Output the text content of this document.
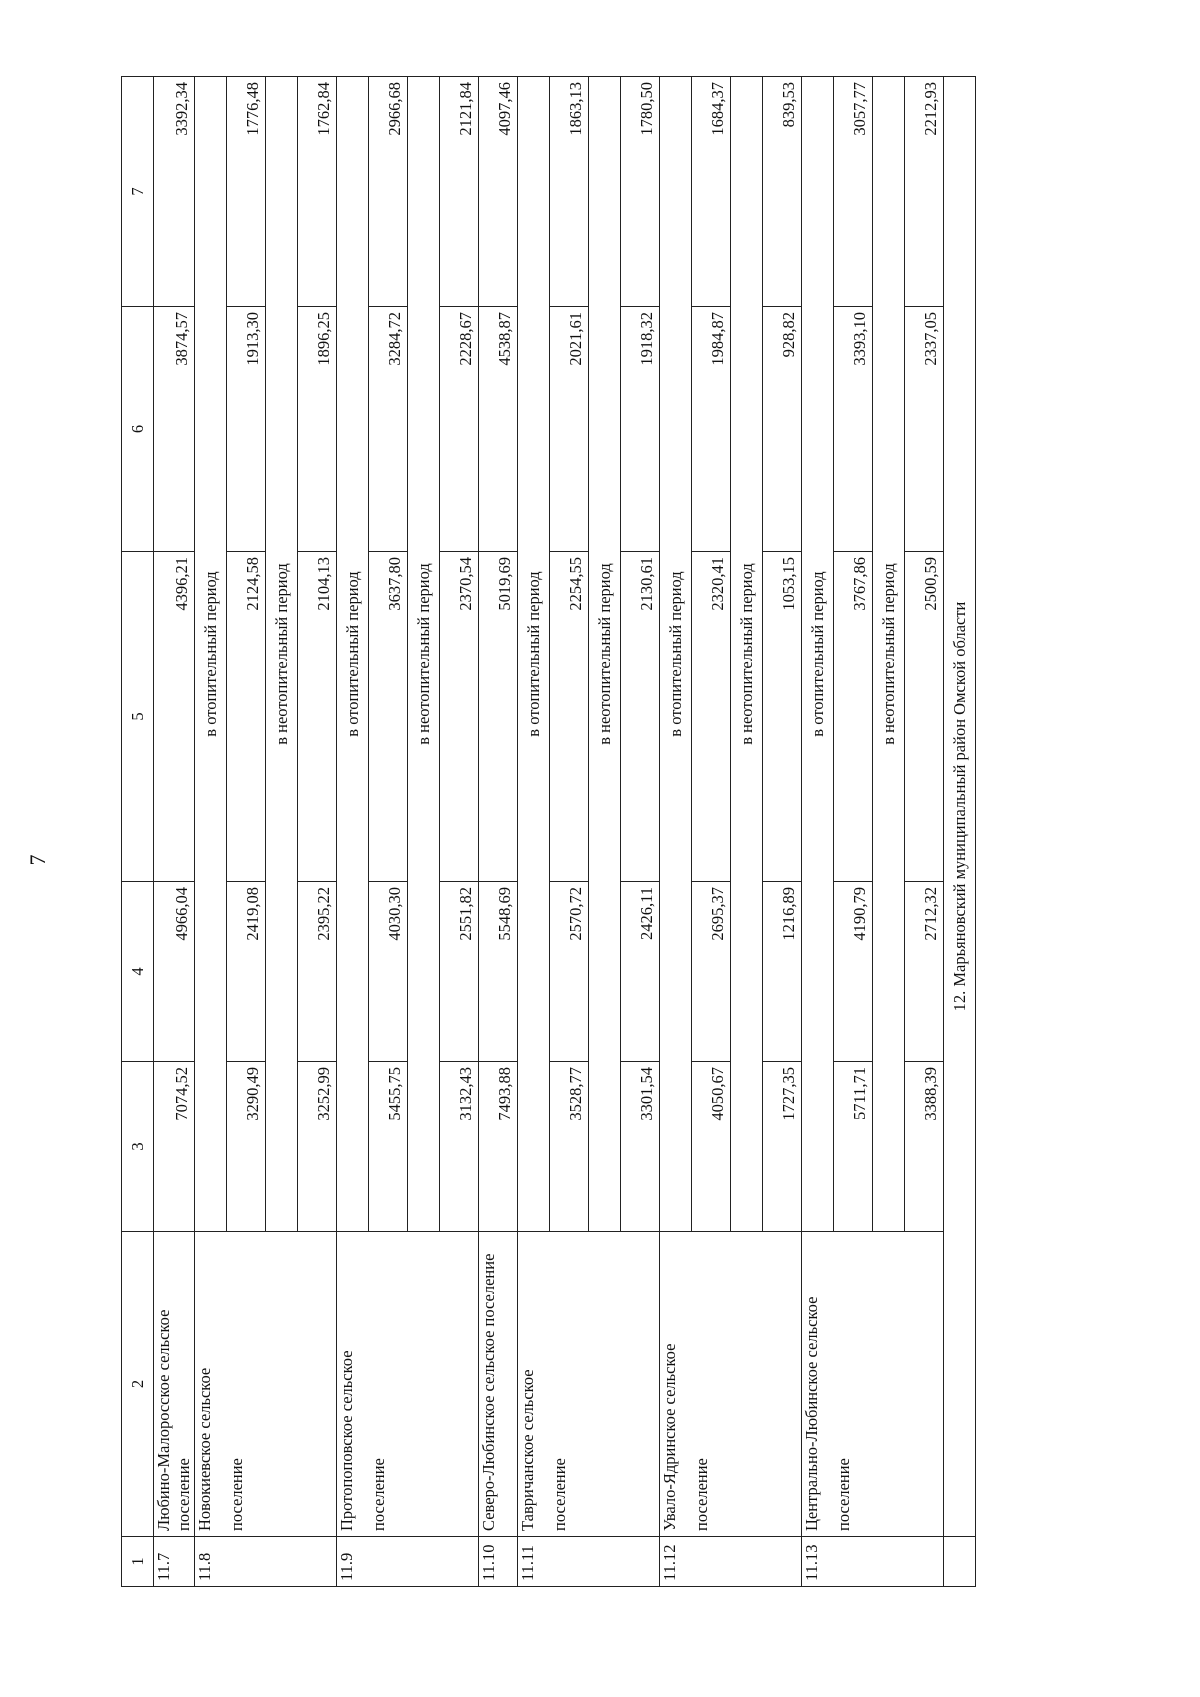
7
1	2	3	4	5	6	7
11.7	Любино-Малоросское сельское поселение	7074,52	4966,04	4396,21	3874,57	3392,34
11.8	Новокиевское сельское	в отопительный период				
	поселение	3290,49	2419,08	2124,58	1913,30	1776,48
		в неотопительный период				
		3252,99	2395,22	2104,13	1896,25	1762,84
11.9	Протопоповское сельское	в отопительный период				
	поселение	5455,75	4030,30	3637,80	3284,72	2966,68
		в неотопительный период				
		3132,43	2551,82	2370,54	2228,67	2121,84
11.10	Северо-Любинское сельское поселение	7493,88	5548,69	5019,69	4538,87	4097,46
11.11	Тавричанское сельское	в отопительный период				
	поселение	3528,77	2570,72	2254,55	2021,61	1863,13
		в неотопительный период				
		3301,54	2426,11	2130,61	1918,32	1780,50
11.12	Увало-Ядринское сельское	в отопительный период				
	поселение	4050,67	2695,37	2320,41	1984,87	1684,37
		в неотопительный период				
		1727,35	1216,89	1053,15	928,82	839,53
11.13	Центрально-Любинское сельское	в отопительный период				
	поселение	5711,71	4190,79	3767,86	3393,10	3057,77
		в неотопительный период				
		3388,39	2712,32	2500,59	2337,05	2212,93
	12. Марьяновский муниципальный район Омской области					
